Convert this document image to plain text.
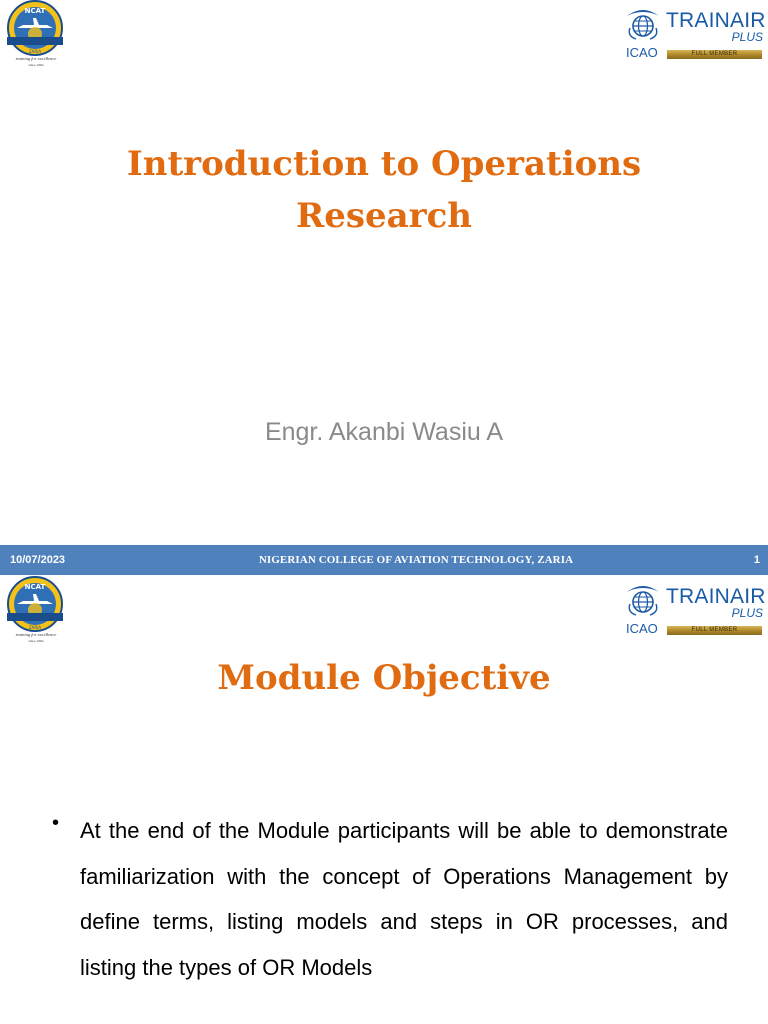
NCAT
ZARIA
training for excellence
since 1964
TRAINAIR
PLUS
ICAO	FULL MEMBER
Introduction to Operations Research
Engr. Akanbi Wasiu A
10/07/2023	NIGERIAN COLLEGE OF AVIATION TECHNOLOGY, ZARIA	1
NCAT
ZARIA
training for excellence
since 1964
TRAINAIR
PLUS
ICAO	FULL MEMBER
Module Objective
• At the end of the Module participants will be able to demonstrate familiarization with the concept of Operations Management by define terms, listing models and steps in OR processes, and listing the types of OR Models
